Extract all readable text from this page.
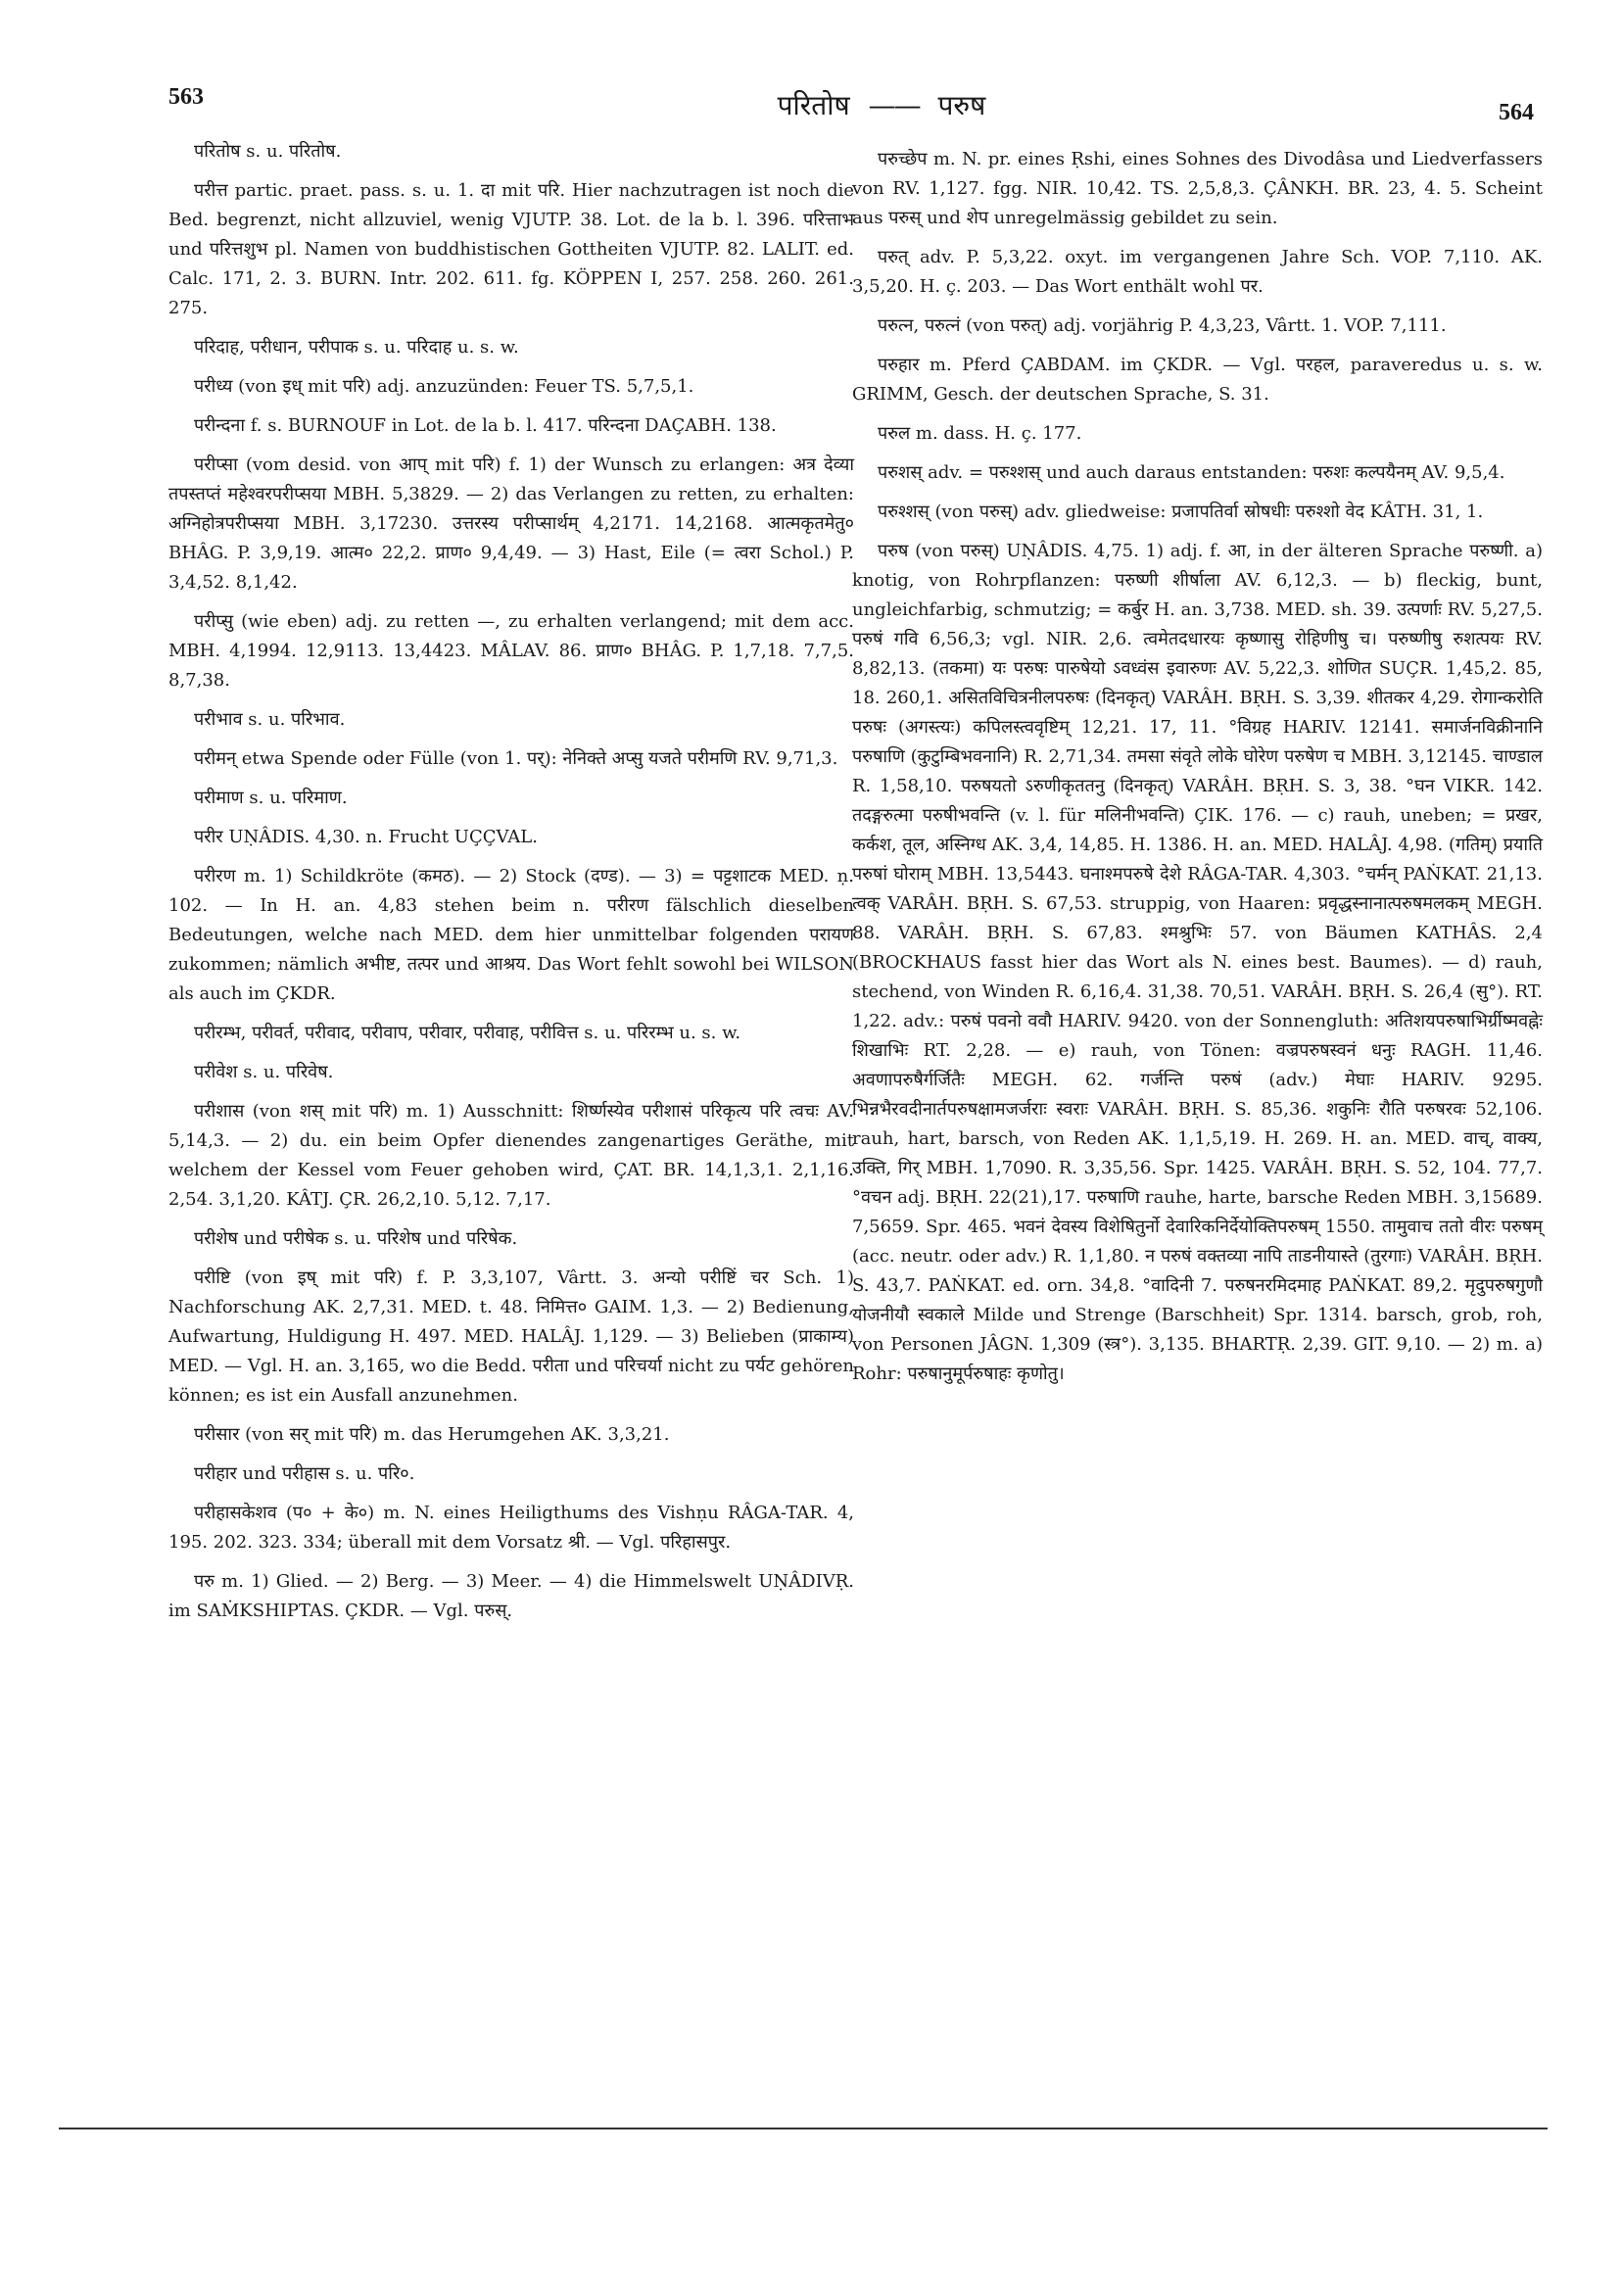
563	परितोष —— परुष	564

परितोष s. u. परितोष.

परीत्त partic. praet. pass. s. u. 1. दा mit परि. Hier nachzutragen ist noch die Bed. begrenzt, nicht allzuviel, wenig VJUTP. 38. Lot. de la b. l. 396. परित्ताभ und परित्तशुभ pl. Namen von buddhistischen Gottheiten VJUTP. 82. LALIT. ed. Calc. 171, 2. 3. BURN. Intr. 202. 611. fg. KÖPPEN I, 257. 258. 260. 261. 275.

परिदाह, परीधान, परीपाक s. u. परिदाह u. s. w.

परीध्य (von इध् mit परि) adj. anzuzünden: Feuer TS. 5,7,5,1.

परीन्दना f. s. BURNOUF in Lot. de la b. l. 417. परिन्दना DAÇABH. 138.

परीप्सा (vom desid. von आप् mit परि) f. 1) der Wunsch zu erlangen: अत्र देव्या तपस्तप्तं महेश्वरपरीप्सया MBH. 5,3829. — 2) das Verlangen zu retten, zu erhalten: अग्निहोत्रपरीप्सया MBH. 3,17230. उत्तरस्य परीप्सार्थम् 4,2171. 14,2168. आत्मकृतमेतु० BHÂG. P. 3,9,19. आत्म० 22,2. प्राण० 9,4,49. — 3) Hast, Eile (= त्वरा Schol.) P. 3,4,52. 8,1,42.

परीप्सु (wie eben) adj. zu retten —, zu erhalten verlangend; mit dem acc. MBH. 4,1994. 12,9113. 13,4423. MÂLAV. 86. प्राण० BHÂG. P. 1,7,18. 7,7,5. 8,7,38.

परीभाव s. u. परिभाव.

परीमन् etwa Spende oder Fülle (von 1. पर्): नेनिक्ते अप्सु यजते परीमणि RV. 9,71,3.

परीमाण s. u. परिमाण.

परीर UṆÂDIS. 4,30. n. Frucht UÇÇVAL.

परीरण m. 1) Schildkröte (कमठ). — 2) Stock (दण्ड). — 3) = पट्टशाटक MED. ṇ. 102. — In H. an. 4,83 stehen beim n. परीरण fälschlich dieselben Bedeutungen, welche nach MED. dem hier unmittelbar folgenden परायण zukommen; nämlich अभीष्ट, तत्पर und आश्रय. Das Wort fehlt sowohl bei WILSON als auch im ÇKDR.

परीरम्भ, परीवर्त, परीवाद, परीवाप, परीवार, परीवाह, परीवित्त s. u. परिरम्भ u. s. w.

परीवेश s. u. परिवेष.

परीशास (von शस् mit परि) m. 1) Ausschnitt: शिर्ष्णस्येव परीशासं परिकृत्य परि त्वचः AV. 5,14,3. — 2) du. ein beim Opfer dienendes zangenartiges Geräthe, mit welchem der Kessel vom Feuer gehoben wird, ÇAT. BR. 14,1,3,1. 2,1,16. 2,54. 3,1,20. KÂTJ. ÇR. 26,2,10. 5,12. 7,17.

परीशेष und परीषेक s. u. परिशेष und परिषेक.

परीष्टि (von इष् mit परि) f. P. 3,3,107, Vârtt. 3. अन्यो परीष्टिं चर Sch. 1) Nachforschung AK. 2,7,31. MED. t. 48. निमित्त० GAIM. 1,3. — 2) Bedienung, Aufwartung, Huldigung H. 497. MED. HALÂJ. 1,129. — 3) Belieben (प्राकाम्य) MED. — Vgl. H. an. 3,165, wo die Bedd. परीता und परिचर्या nicht zu पर्यट gehören können; es ist ein Ausfall anzunehmen.

परीसार (von सर् mit परि) m. das Herumgehen AK. 3,3,21.

परीहार und परीहास s. u. परि०.

परीहासकेशव (प० + के०) m. N. eines Heiligthums des Vishṇu RÂGA-TAR. 4, 195. 202. 323. 334; überall mit dem Vorsatz श्री. — Vgl. परिहासपुर.

परु m. 1) Glied. — 2) Berg. — 3) Meer. — 4) die Himmelswelt UṆÂDIVṚ. im SAṀKSHIPTAS. ÇKDR. — Vgl. परुस्.

परुच्छेप m. N. pr. eines Ṛshi, eines Sohnes des Divodâsa und Liedverfassers von RV. 1,127. fgg. NIR. 10,42. TS. 2,5,8,3. ÇÂNKH. BR. 23, 4. 5. Scheint aus परुस् und शेप unregelmässig gebildet zu sein.

परुत् adv. P. 5,3,22. oxyt. im vergangenen Jahre Sch. VOP. 7,110. AK. 3,5,20. H. ç. 203. — Das Wort enthält wohl पर.

परुत्न, परुत्नं (von परुत्) adj. vorjährig P. 4,3,23, Vârtt. 1. VOP. 7,111.

परुहार m. Pferd ÇABDAM. im ÇKDR. — Vgl. परहल, paraveredus u. s. w. GRIMM, Gesch. der deutschen Sprache, S. 31.

परुल m. dass. H. ç. 177.

परुशस् adv. = परुश्शस् und auch daraus entstanden: परुशः कल्पयैनम् AV. 9,5,4.

परुश्शस् (von परुस्) adv. gliedweise: प्रजापतिर्वा स्रोषधीः परुश्शो वेद KÂTH. 31, 1.

परुष (von परुस्) UṆÂDIS. 4,75. 1) adj. f. आ, in der älteren Sprache परुष्णी. a) knotig, von Rohrpflanzen: परुष्णी शीर्षाला AV. 6,12,3. — b) fleckig, bunt, ungleichfarbig, schmutzig; = कर्बुर H. an. 3,738. MED. sh. 39. उत्पर्णाः RV. 5,27,5. परुषं गवि 6,56,3; vgl. NIR. 2,6. त्वमेतदधारयः कृष्णासु रोहिणीषु च। परुष्णीषु रुशत्पयः RV. 8,82,13. (तकमा) यः परुषः पारुषेयो ऽवध्वंस इवारुणः AV. 5,22,3. शोणित SUÇR. 1,45,2. 85, 18. 260,1. असितविचित्रनीलपरुषः (दिनकृत्) VARÂH. BṚH. S. 3,39. शीतकर 4,29. रोगान्करोति परुषः (अगस्त्यः) कपिलस्त्ववृष्टिम् 12,21. 17, 11. °विग्रह HARIV. 12141. समार्जनविक्रीनानि परुषाणि (कुटुम्बिभवनानि) R. 2,71,34. तमसा संवृते लोके घोरेण परुषेण च MBH. 3,12145. चाण्डाल R. 1,58,10. परुषयतो ऽरुणीकृततनु (दिनकृत्) VARÂH. BṚH. S. 3, 38. °घन VIKR. 142. तदङ्गरुत्मा परुषीभवन्ति (v. l. für मलिनीभवन्ति) ÇIK. 176. — c) rauh, uneben; = प्रखर, कर्कश, तूल, अस्निग्ध AK. 3,4, 14,85. H. 1386. H. an. MED. HALÂJ. 4,98. (गतिम्) प्रयाति परुषां घोराम् MBH. 13,5443. घनाश्मपरुषे देशे RÂGA-TAR. 4,303. °चर्मन् PAṄKAT. 21,13. त्वक् VARÂH. BṚH. S. 67,53. struppig, von Haaren: प्रवृद्धस्नानात्परुषमलकम् MEGH. 88. VARÂH. BṚH. S. 67,83. श्मश्रुभिः 57. von Bäumen KATHÂS. 2,4 (BROCKHAUS fasst hier das Wort als N. eines best. Baumes). — d) rauh, stechend, von Winden R. 6,16,4. 31,38. 70,51. VARÂH. BṚH. S. 26,4 (सु°). RT. 1,22. adv.: परुषं पवनो ववौ HARIV. 9420. von der Sonnengluth: अतिशयपरुषाभिर्ग्रीष्मवह्नेः शिखाभिः RT. 2,28. — e) rauh, von Tönen: वज्रपरुषस्वनं धनुः RAGH. 11,46. अवणापरुषैर्गर्जितैः MEGH. 62. गर्जन्ति परुषं (adv.) मेघाः HARIV. 9295. भिन्नभैरवदीनार्तपरुषक्षामजर्जराः स्वराः VARÂH. BṚH. S. 85,36. शकुनिः रौति परुषरवः 52,106. rauh, hart, barsch, von Reden AK. 1,1,5,19. H. 269. H. an. MED. वाच्, वाक्य, उक्ति, गिर् MBH. 1,7090. R. 3,35,56. Spr. 1425. VARÂH. BṚH. S. 52, 104. 77,7. °वचन adj. BṚH. 22(21),17. परुषाणि rauhe, harte, barsche Reden MBH. 3,15689. 7,5659. Spr. 465. भवनं देवस्य विशेषितुर्नो देवारिकनिर्देयोक्तिपरुषम् 1550. तामुवाच ततो वीरः परुषम् (acc. neutr. oder adv.) R. 1,1,80. न परुषं वक्तव्या नापि ताडनीयास्ते (तुरगाः) VARÂH. BṚH. S. 43,7. PAṄKAT. ed. orn. 34,8. °वादिनी 7. परुषनरमिदमाह PAṄKAT. 89,2. मृदुपरुषगुणौ योजनीयौ स्वकाले Milde und Strenge (Barschheit) Spr. 1314. barsch, grob, roh, von Personen JÂGN. 1,309 (स्त्र°). 3,135. BHARTṚ. 2,39. GIT. 9,10. — 2) m. a) Rohr: परुषानुमूर्परुषाहः कृणोतु।
